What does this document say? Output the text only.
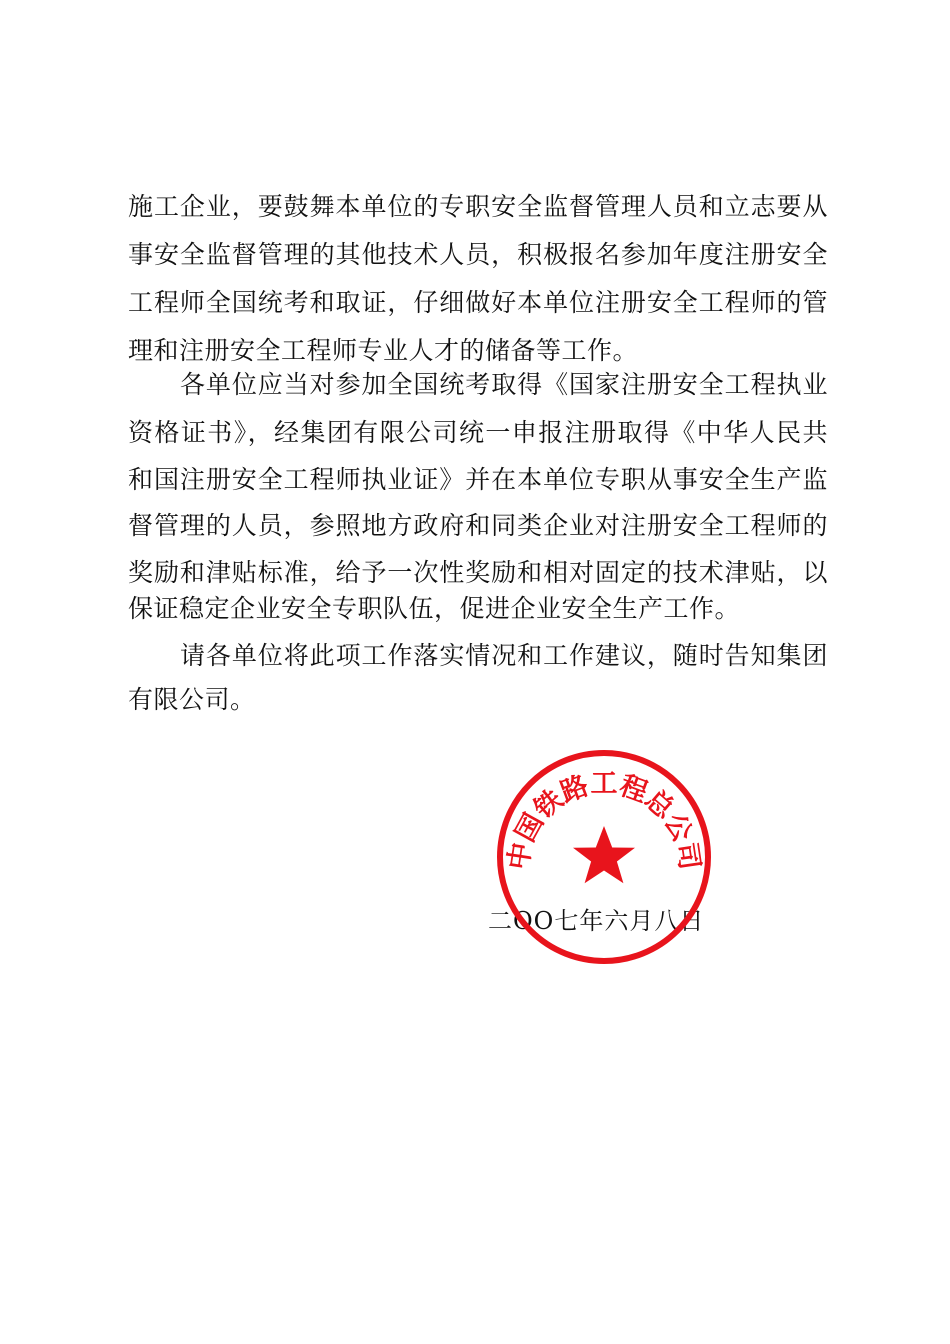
施工企业，要鼓舞本单位的专职安全监督管理人员和立志要从
事安全监督管理的其他技术人员，积极报名参加年度注册安全
工程师全国统考和取证，仔细做好本单位注册安全工程师的管
理和注册安全工程师专业人才的储备等工作。
各单位应当对参加全国统考取得《国家注册安全工程执业
资格证书》，经集团有限公司统一申报注册取得《中华人民共
和国注册安全工程师执业证》并在本单位专职从事安全生产监
督管理的人员，参照地方政府和同类企业对注册安全工程师的
奖励和津贴标准，给予一次性奖励和相对固定的技术津贴，以
保证稳定企业安全专职队伍，促进企业安全生产工作。
请各单位将此项工作落实情况和工作建议，随时告知集团
有限公司。
二OO七年六月八日
中国铁路工程总公司
